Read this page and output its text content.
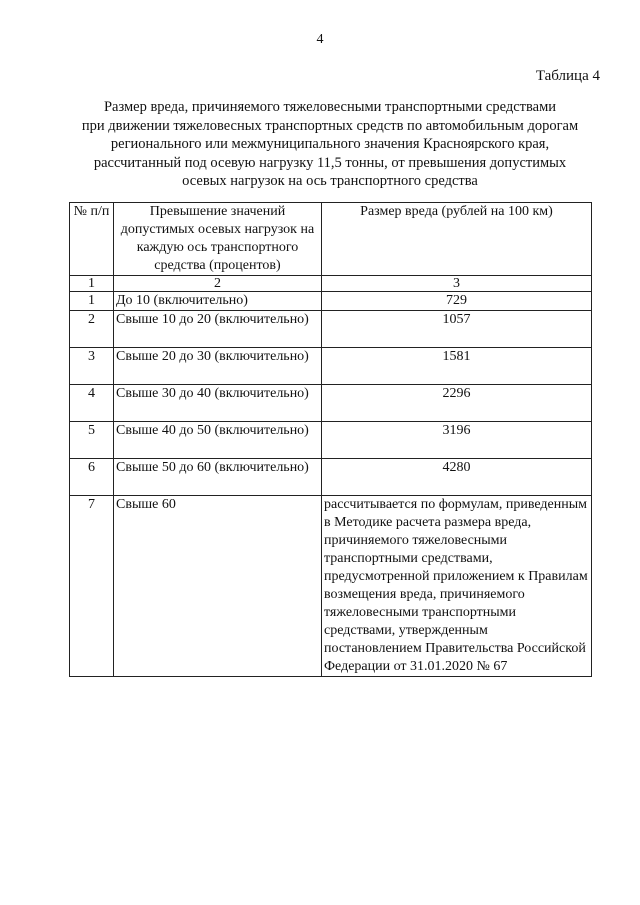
4
Таблица 4
Размер вреда, причиняемого тяжеловесными транспортными средствами
при движении тяжеловесных транспортных средств по автомобильным дорогам
регионального или межмуниципального значения Красноярского края,
рассчитанный под осевую нагрузку 11,5 тонны, от превышения допустимых
осевых нагрузок на ось транспортного средства
№ п/п	Превышение значений допустимых осевых нагрузок на каждую ось транспортного средства (процентов)	Размер вреда (рублей на 100 км)
1	2	3
1	До 10 (включительно)	729
2	Свыше 10 до 20 (включительно)	1057
3	Свыше 20 до 30 (включительно)	1581
4	Свыше 30 до 40 (включительно)	2296
5	Свыше 40 до 50 (включительно)	3196
6	Свыше 50 до 60 (включительно)	4280
7	Свыше 60	рассчитывается по формулам, приведенным в Методике расчета размера вреда, причиняемого тяжеловесными транспортными средствами, предусмотренной приложением к Правилам возмещения вреда, причиняемого тяжеловесными транспортными средствами, утвержденным постановлением Правительства Российской Федерации от 31.01.2020 № 67
